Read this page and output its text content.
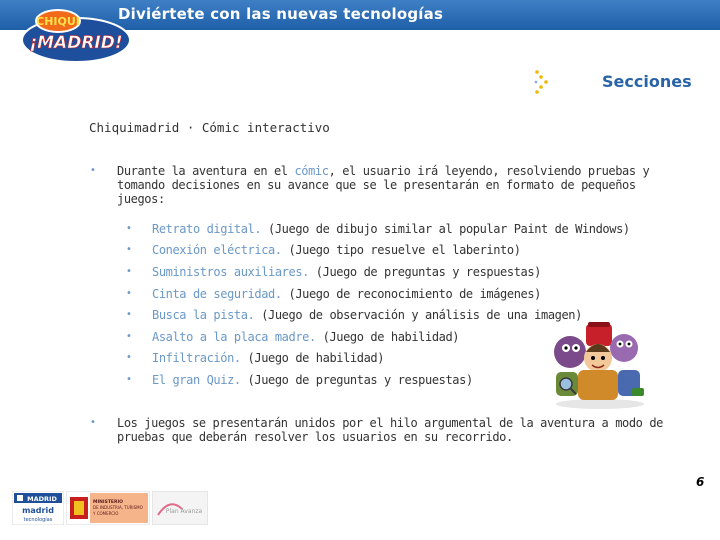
Diviértete con las nuevas tecnologías
CHIQUI
¡MADRID!
Secciones
Chiquimadrid · Cómic interactivo
• Durante la aventura en el cómic, el usuario irá leyendo, resolviendo pruebas y tomando decisiones en su avance que se le presentarán en formato de pequeños juegos:
• Retrato digital. (Juego de dibujo similar al popular Paint de Windows)
• Conexión eléctrica. (Juego tipo resuelve el laberinto)
• Suministros auxiliares. (Juego de preguntas y respuestas)
• Cinta de seguridad. (Juego de reconocimiento de imágenes)
• Busca la pista. (Juego de observación y análisis de una imagen)
• Asalto a la placa madre. (Juego de habilidad)
• Infiltración. (Juego de habilidad)
• El gran Quiz. (Juego de preguntas y respuestas)
• Los juegos se presentarán unidos por el hilo argumental de la aventura a modo de pruebas que deberán resolver los usuarios en su recorrido.
6
MADRID
madrid
tecnologías
MINISTERIO
DE INDUSTRIA, TURISMO
Y COMERCIO	Plan Avanza
